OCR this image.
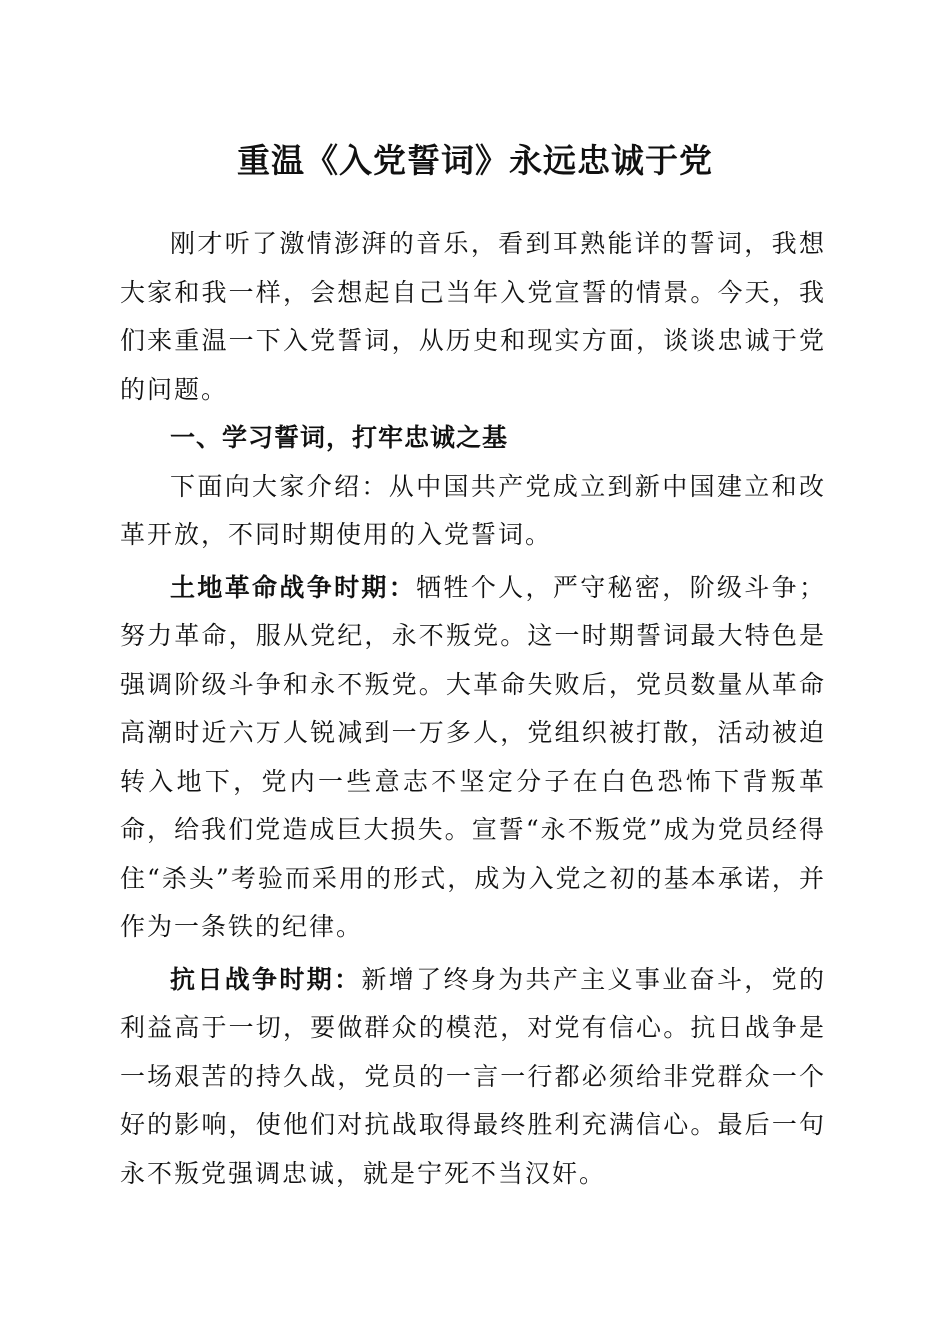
重温《入党誓词》永远忠诚于党

刚才听了激情澎湃的音乐，看到耳熟能详的誓词，我想大家和我一样，会想起自己当年入党宣誓的情景。今天，我们来重温一下入党誓词，从历史和现实方面，谈谈忠诚于党的问题。

一、学习誓词，打牢忠诚之基

下面向大家介绍：从中国共产党成立到新中国建立和改革开放，不同时期使用的入党誓词。

土地革命战争时期：牺牲个人，严守秘密，阶级斗争；努力革命，服从党纪，永不叛党。这一时期誓词最大特色是强调阶级斗争和永不叛党。大革命失败后，党员数量从革命高潮时近六万人锐减到一万多人，党组织被打散，活动被迫转入地下，党内一些意志不坚定分子在白色恐怖下背叛革命，给我们党造成巨大损失。宣誓“永不叛党”成为党员经得住“杀头”考验而采用的形式，成为入党之初的基本承诺，并作为一条铁的纪律。

抗日战争时期：新增了终身为共产主义事业奋斗，党的利益高于一切，要做群众的模范，对党有信心。抗日战争是一场艰苦的持久战，党员的一言一行都必须给非党群众一个好的影响，使他们对抗战取得最终胜利充满信心。最后一句永不叛党强调忠诚，就是宁死不当汉奸。
